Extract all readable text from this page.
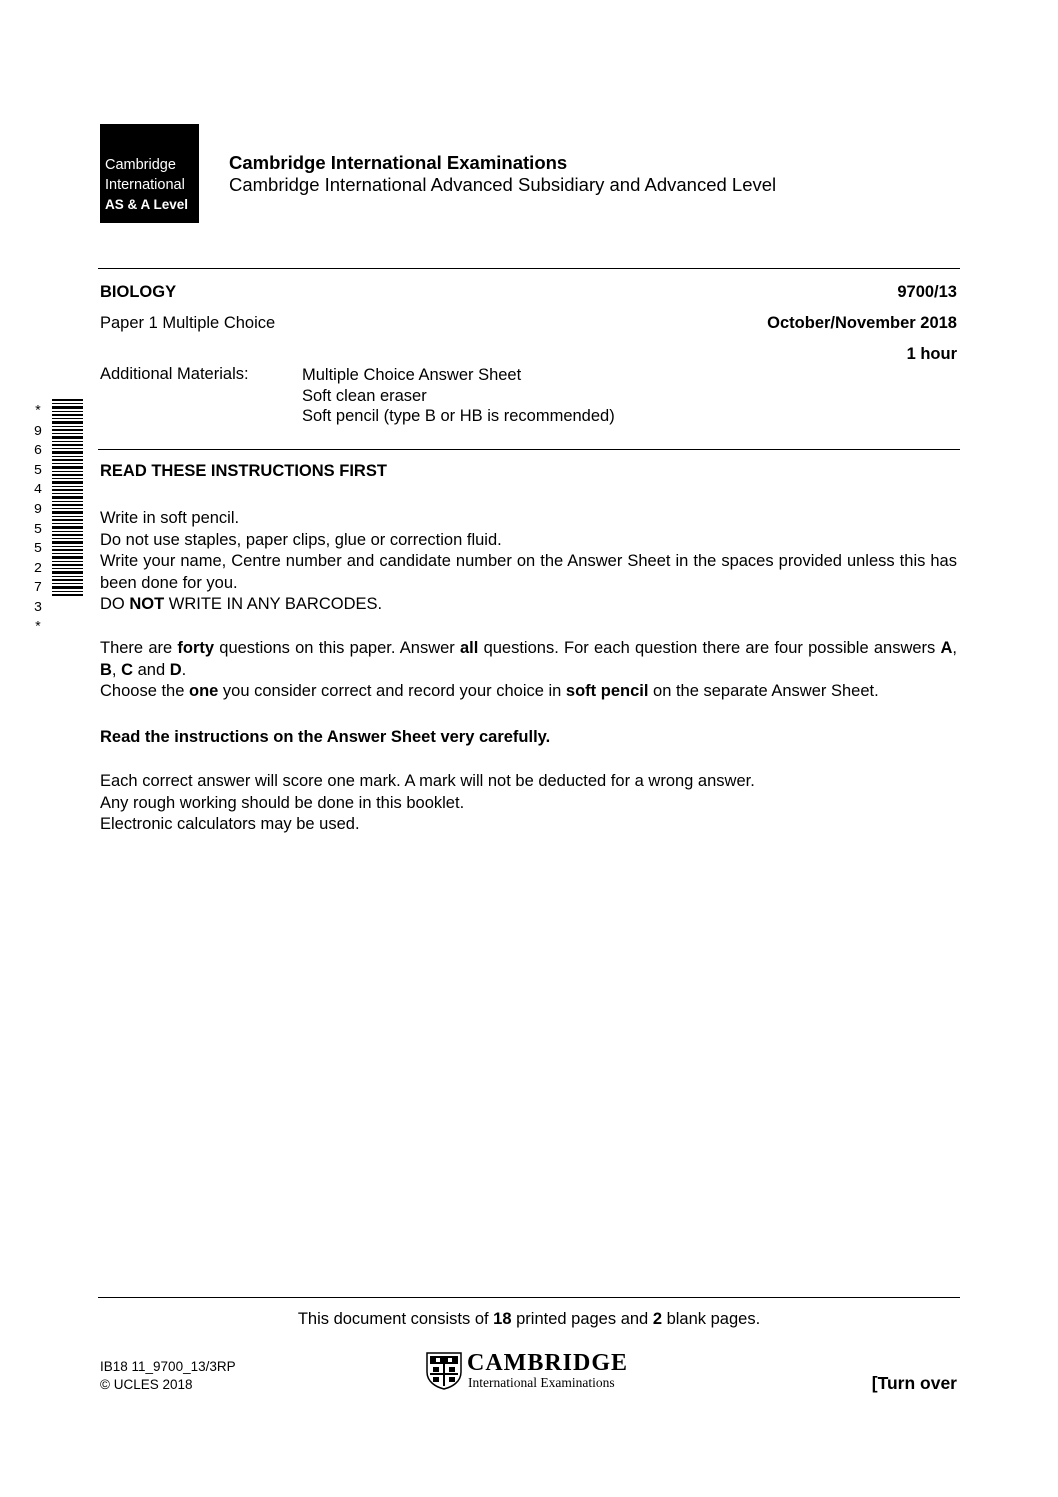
Cambridge
International
AS & A Level
Cambridge International Examinations
Cambridge International Advanced Subsidiary and Advanced Level
BIOLOGY	9700/13
Paper 1 Multiple Choice	October/November 2018
1 hour
Additional Materials:	Multiple Choice Answer Sheet
Soft clean eraser
Soft pencil (type B or HB is recommended)
*
9
6
5
4
9
5
5
2
7
3
*
READ THESE INSTRUCTIONS FIRST

Write in soft pencil.

Do not use staples, paper clips, glue or correction fluid.

Write your name, Centre number and candidate number on the Answer Sheet in the spaces provided unless this has been done for you.

DO NOT WRITE IN ANY BARCODES.

There are forty questions on this paper. Answer all questions. For each question there are four possible answers A, B, C and D.

Choose the one you consider correct and record your choice in soft pencil on the separate Answer Sheet.

Read the instructions on the Answer Sheet very carefully.

Each correct answer will score one mark. A mark will not be deducted for a wrong answer.

Any rough working should be done in this booklet.

Electronic calculators may be used.

This document consists of 18 printed pages and 2 blank pages.
IB18 11_9700_13/3RP
© UCLES 2018
CAMBRIDGE
International Examinations	[Turn over
